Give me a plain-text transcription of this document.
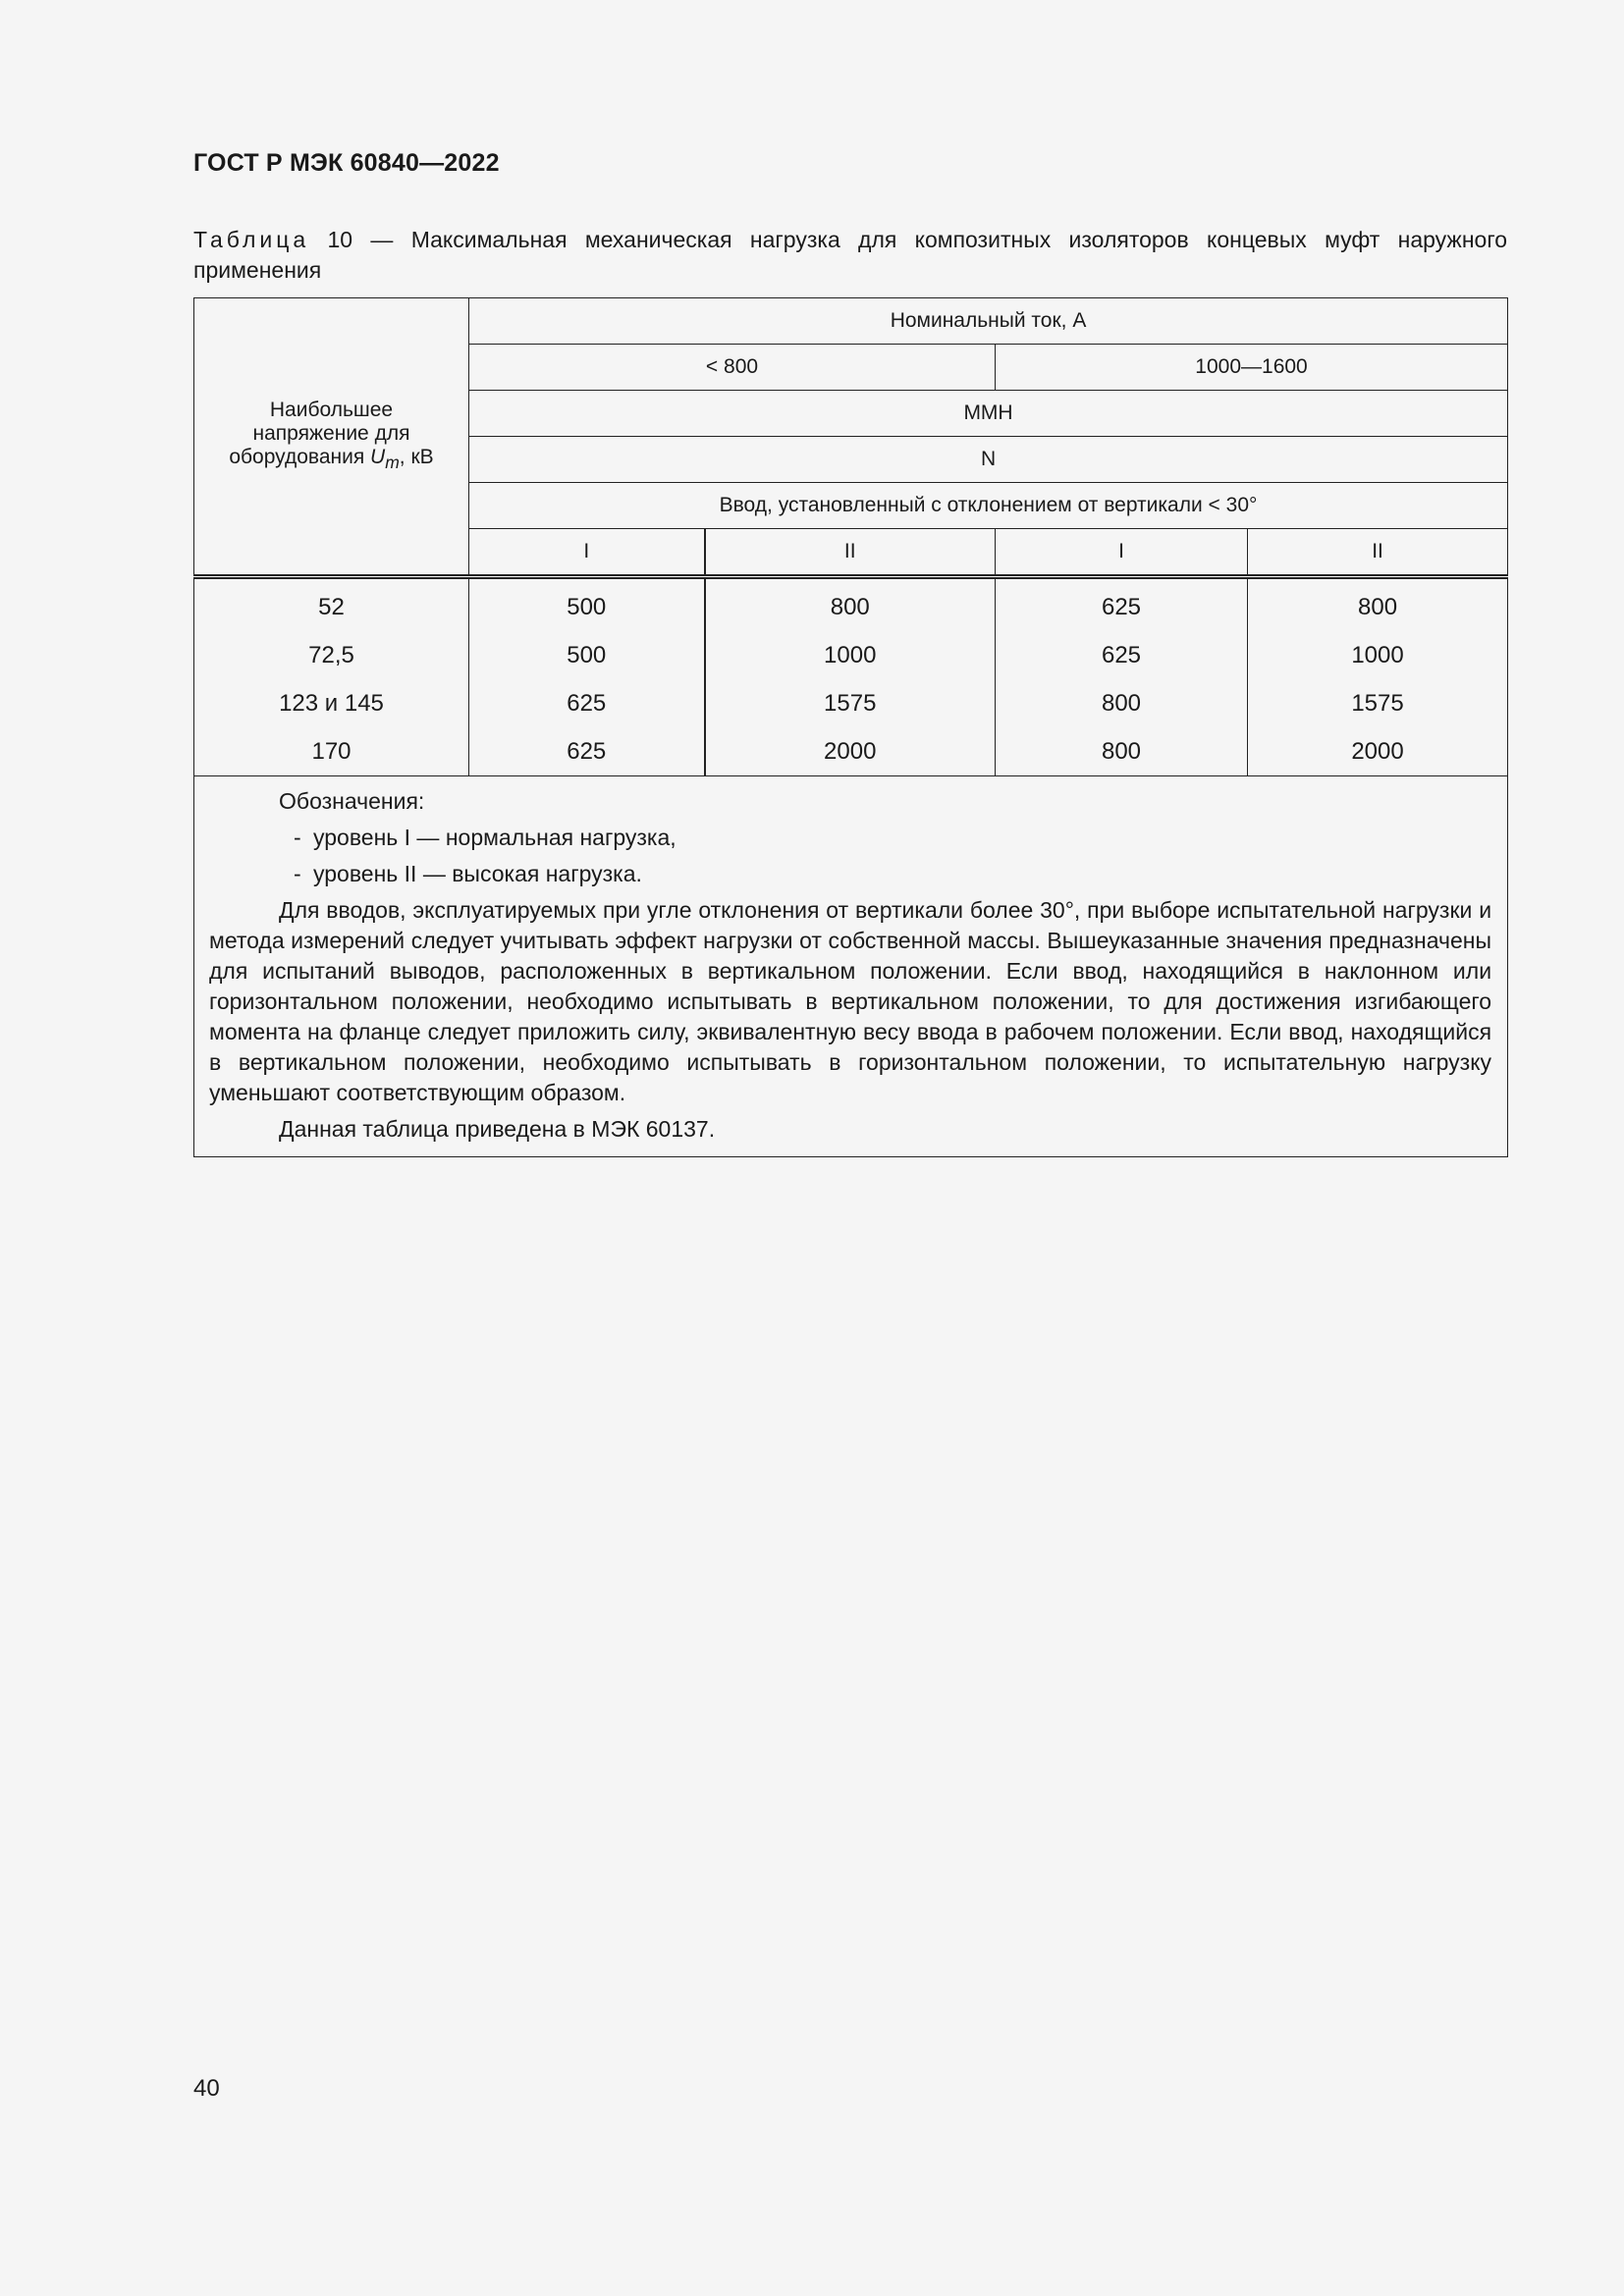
ГОСТ Р МЭК 60840—2022
Таблица 10 — Максимальная механическая нагрузка для композитных изоляторов концевых муфт наружного применения
Наибольшее
напряжение для
оборудования $U_m$, кВ	Номинальный ток, А			
	< 800		1000—1600	
	MMH			
	N			
	Ввод, установленный с отклонением от вертикали < 30°			
	I	II	I	II
52	500	800	625	800
72,5	500	1000	625	1000
123 и 145	625	1575	800	1575
170	625	2000	800	2000

Обозначения:

- уровень I — нормальная нагрузка,

- уровень II — высокая нагрузка.

Для вводов, эксплуатируемых при угле отклонения от вертикали более 30°, при выборе испытательной нагрузки и метода измерений следует учитывать эффект нагрузки от собственной массы. Вышеуказанные значения предназначены для испытаний выводов, расположенных в вертикальном положении. Если ввод, находящийся в наклонном или горизонтальном положении, необходимо испытывать в вертикальном положении, то для достижения изгибающего момента на фланце следует приложить силу, эквивалентную весу ввода в рабочем положении. Если ввод, находящийся в вертикальном положении, необходимо испытывать в горизонтальном положении, то испытательную нагрузку уменьшают соответствующим образом.

Данная таблица приведена в МЭК 60137.				

40
